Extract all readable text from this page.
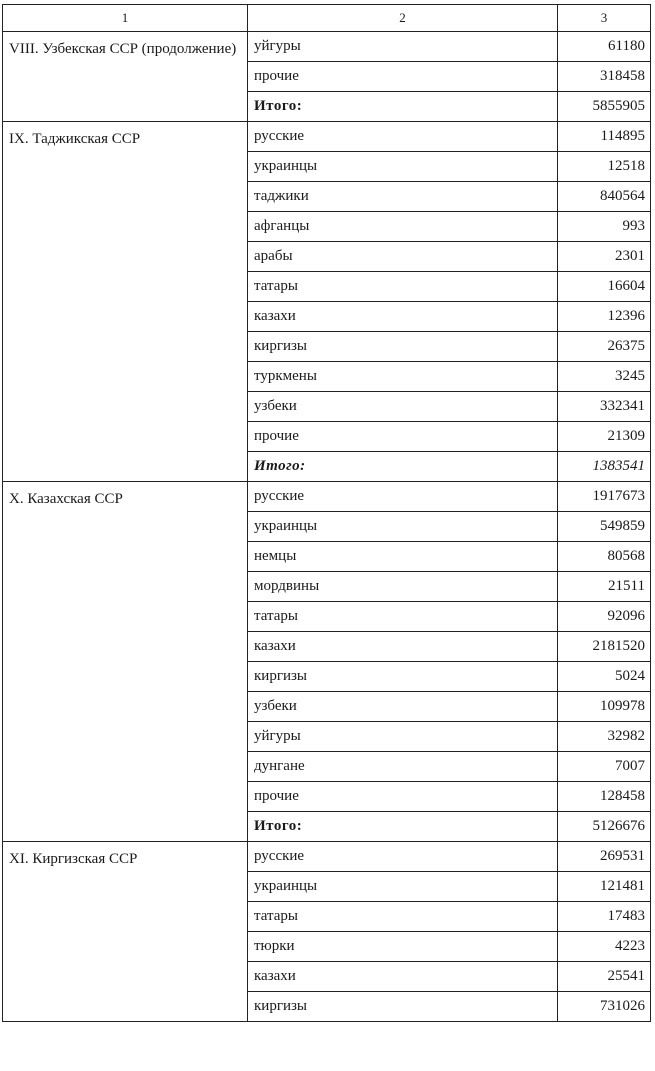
1	2	3
VIII. Узбекская ССР (продолжение)	уйгуры	61180
	прочие	318458
	Итого:	5855905
IX. Таджикская ССР	русские	114895
	украинцы	12518
	таджики	840564
	афганцы	993
	арабы	2301
	татары	16604
	казахи	12396
	киргизы	26375
	туркмены	3245
	узбеки	332341
	прочие	21309
	Итого:	1383541
X. Казахская ССР	русские	1917673
	украинцы	549859
	немцы	80568
	мордвины	21511
	татары	92096
	казахи	2181520
	киргизы	5024
	узбеки	109978
	уйгуры	32982
	дунгане	7007
	прочие	128458
	Итого:	5126676
XI. Киргизская ССР	русские	269531
	украинцы	121481
	татары	17483
	тюрки	4223
	казахи	25541
	киргизы	731026
